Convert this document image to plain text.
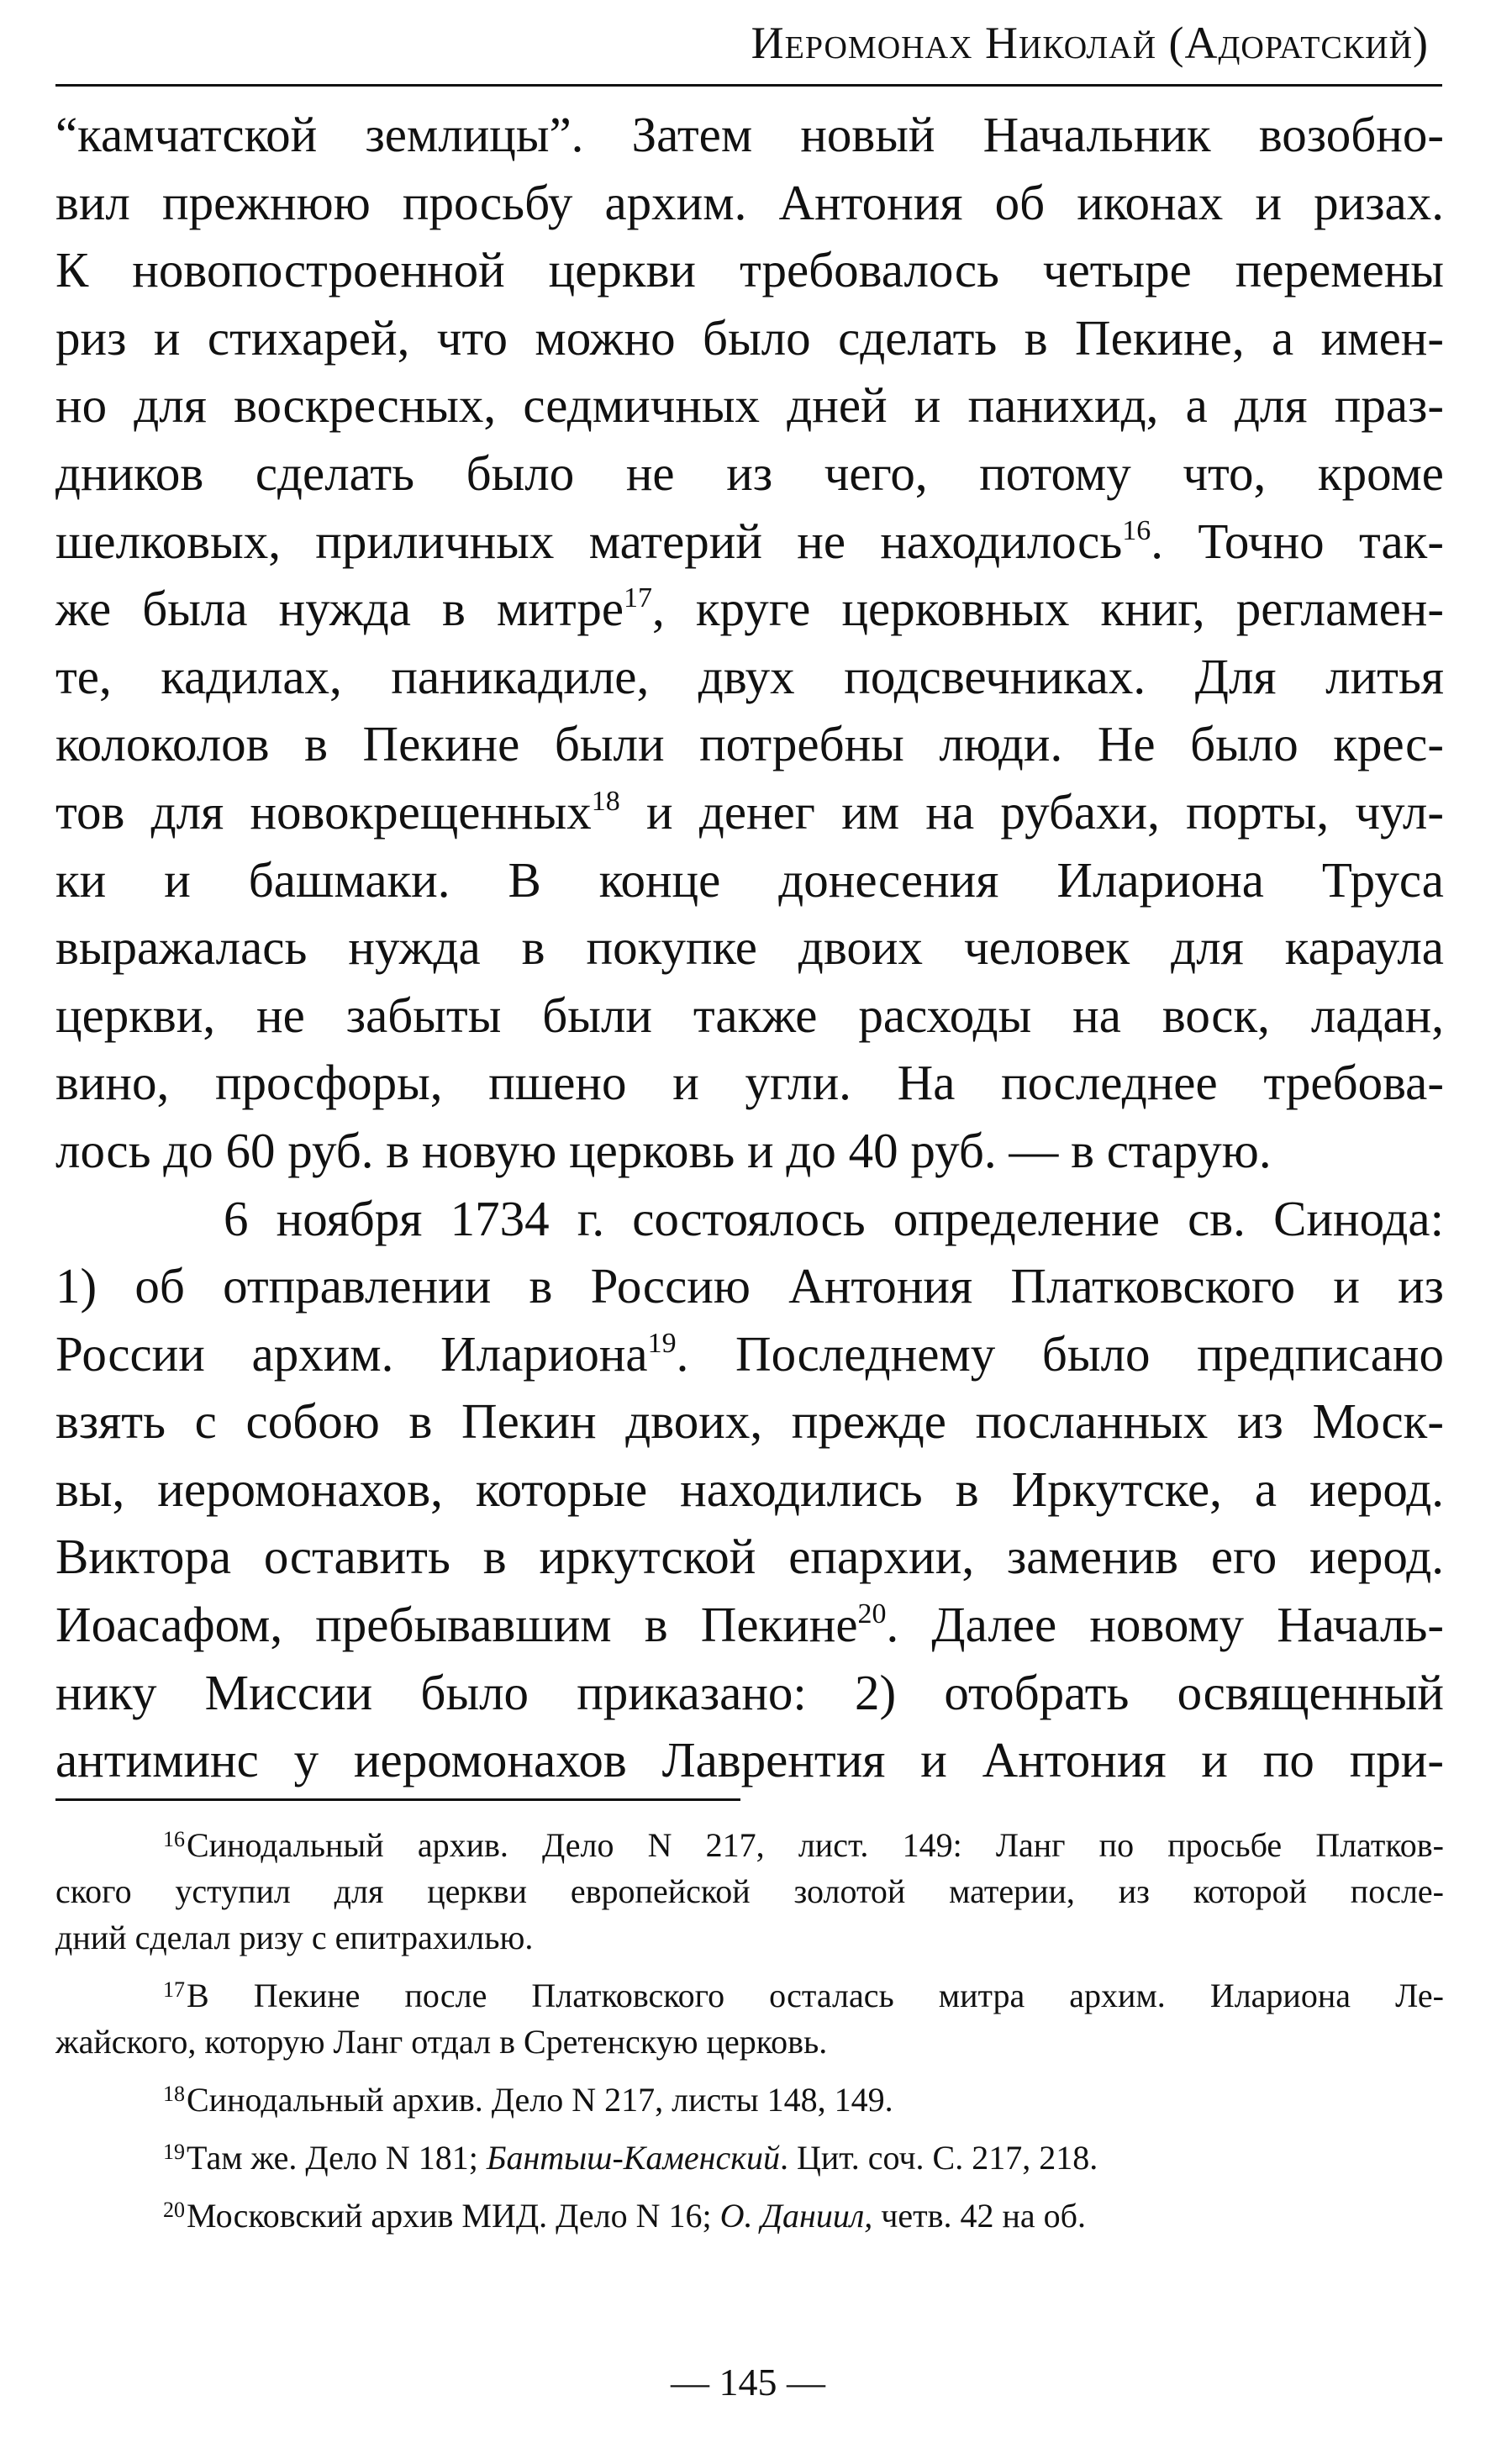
Иеромонах Николай (Адоратский)
“камчатской землицы”. Затем новый Начальник возобно-
вил прежнюю просьбу архим. Антония об иконах и ризах.
К новопостроенной церкви требовалось четыре перемены
риз и стихарей, что можно было сделать в Пекине, а имен-
но для воскресных, седмичных дней и панихид, а для праз-
дников сделать было не из чего, потому что, кроме
шелковых, приличных материй не находилось$^{16}$. Точно так-
же была нужда в митре$^{17}$, круге церковных книг, регламен-
те, кадилах, паникадиле, двух подсвечниках. Для литья
колоколов в Пекине были потребны люди. Не было крес-
тов для новокрещенных$^{18}$ и денег им на рубахи, порты, чул-
ки и башмаки. В конце донесения Илариона Труса
выражалась нужда в покупке двоих человек для караула
церкви, не забыты были также расходы на воск, ладан,
вино, просфоры, пшено и угли. На последнее требова-
лось до 60 руб. в новую церковь и до 40 руб. — в старую.
6 ноября 1734 г. состоялось определение св. Синода:
1) об отправлении в Россию Антония Платковского и из
России архим. Илариона$^{19}$. Последнему было предписано
взять с собою в Пекин двоих, прежде посланных из Моск-
вы, иеромонахов, которые находились в Иркутске, а иерод.
Виктора оставить в иркутской епархии, заменив его иерод.
Иоасафом, пребывавшим в Пекине$^{20}$. Далее новому Началь-
нику Миссии было приказано: 2) отобрать освященный
антиминс у иеромонахов Лаврентия и Антония и по при-
$^{16}$Синодальный архив. Дело N 217, лист. 149: Ланг по просьбе Платков-
ского уступил для церкви европейской золотой материи, из которой после-
дний сделал ризу с епитрахилью.
$^{17}$В Пекине после Платковского осталась митра архим. Илариона Ле-
жайского, которую Ланг отдал в Сретенскую церковь.
$^{18}$Синодальный архив. Дело N 217, листы 148, 149.
$^{19}$Там же. Дело N 181; Бантыш-Каменский. Цит. соч. С. 217, 218.
$^{20}$Московский архив МИД. Дело N 16; О. Даниил, четв. 42 на об.
— 145 —
